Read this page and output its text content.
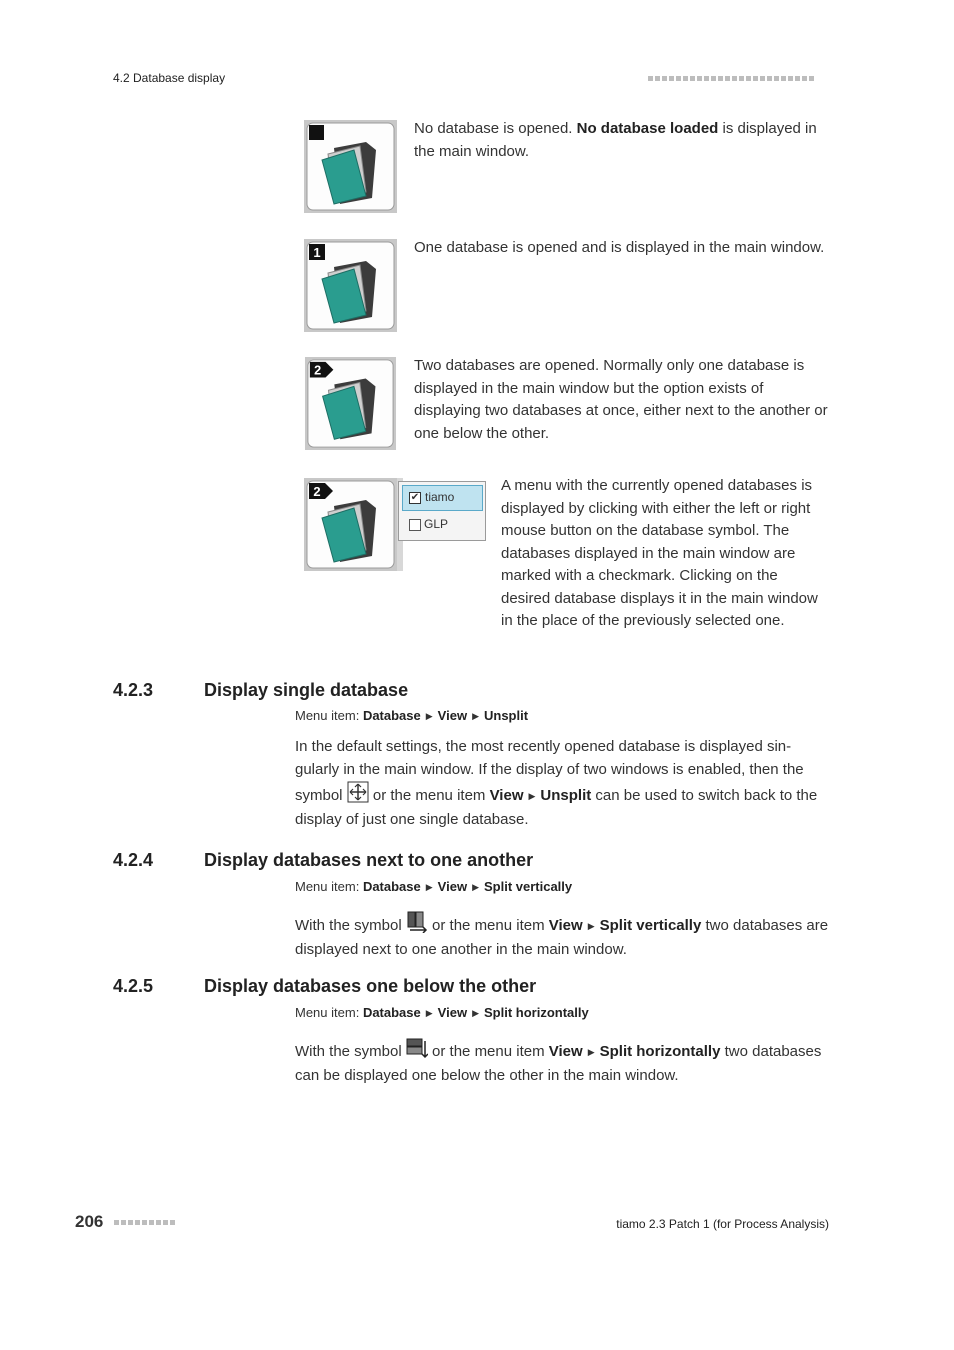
4.2 Database display
No database is opened. No database loaded is displayed in the main window.
1	One database is opened and is displayed in the main window.
2	Two databases are opened. Normally only one database is displayed in the main window but the option exists of displaying two databases at once, either next to the another or one below the other.
2	✔ tiamo
GLP
A menu with the currently opened databases is displayed by clicking with either the left or right mouse button on the database symbol. The databases displayed in the main window are marked with a checkmark. Clicking on the desired database displays it in the main window in the place of the previously selected one.
4.2.3	Display single database
Menu item: Database ▶ View ▶ Unsplit
In the default settings, the most recently opened database is displayed singularly in the main window. If the display of two windows is enabled, then the symbol  or the menu item View ▶ Unsplit can be used to switch back to the display of just one single database.
4.2.4	Display databases next to one another
Menu item: Database ▶ View ▶ Split vertically
With the symbol  or the menu item View ▶ Split vertically two databases are displayed next to one another in the main window.
4.2.5	Display databases one below the other
Menu item: Database ▶ View ▶ Split horizontally
With the symbol  or the menu item View ▶ Split horizontally two databases can be displayed one below the other in the main window.
206	tiamo 2.3 Patch 1 (for Process Analysis)
